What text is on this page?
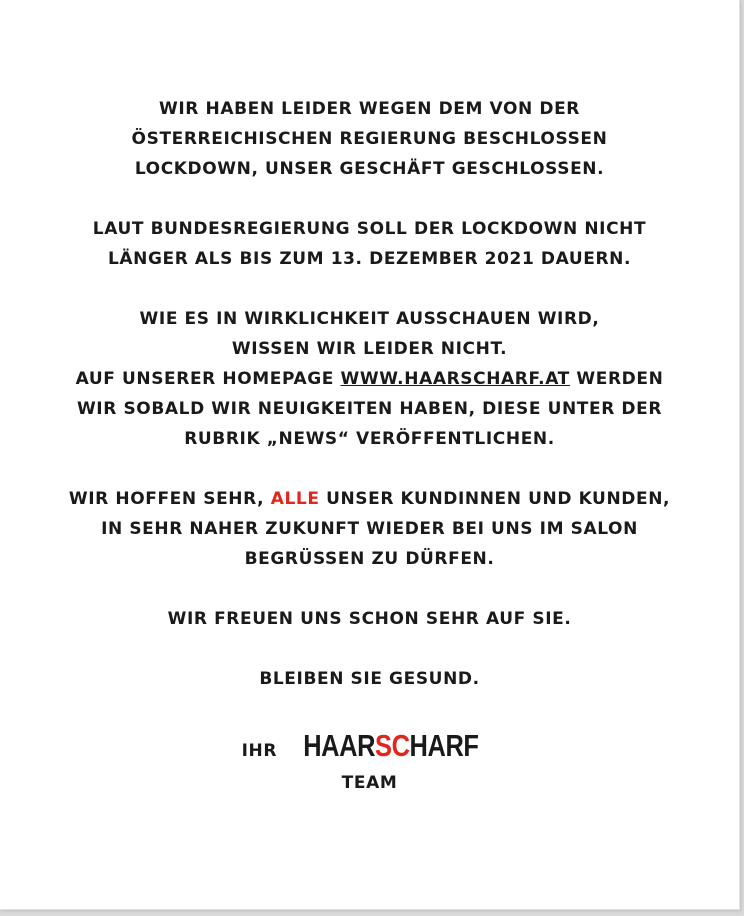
WIR HABEN LEIDER WEGEN DEM VON DER
ÖSTERREICHISCHEN REGIERUNG BESCHLOSSEN
LOCKDOWN, UNSER GESCHÄFT GESCHLOSSEN.
LAUT BUNDESREGIERUNG SOLL DER LOCKDOWN NICHT
LÄNGER ALS BIS ZUM 13. DEZEMBER 2021 DAUERN.
WIE ES IN WIRKLICHKEIT AUSSCHAUEN WIRD,
WISSEN WIR LEIDER NICHT.
AUF UNSERER HOMEPAGE WWW.HAARSCHARF.AT WERDEN
WIR SOBALD WIR NEUIGKEITEN HABEN, DIESE UNTER DER
RUBRIK „NEWS“ VERÖFFENTLICHEN.
WIR HOFFEN SEHR, ALLE UNSER KUNDINNEN UND KUNDEN,
IN SEHR NAHER ZUKUNFT WIEDER BEI UNS IM SALON
BEGRÜSSEN ZU DÜRFEN.
WIR FREUEN UNS SCHON SEHR AUF SIE.
BLEIBEN SIE GESUND.
IHR HAARSCHARF
TEAM
